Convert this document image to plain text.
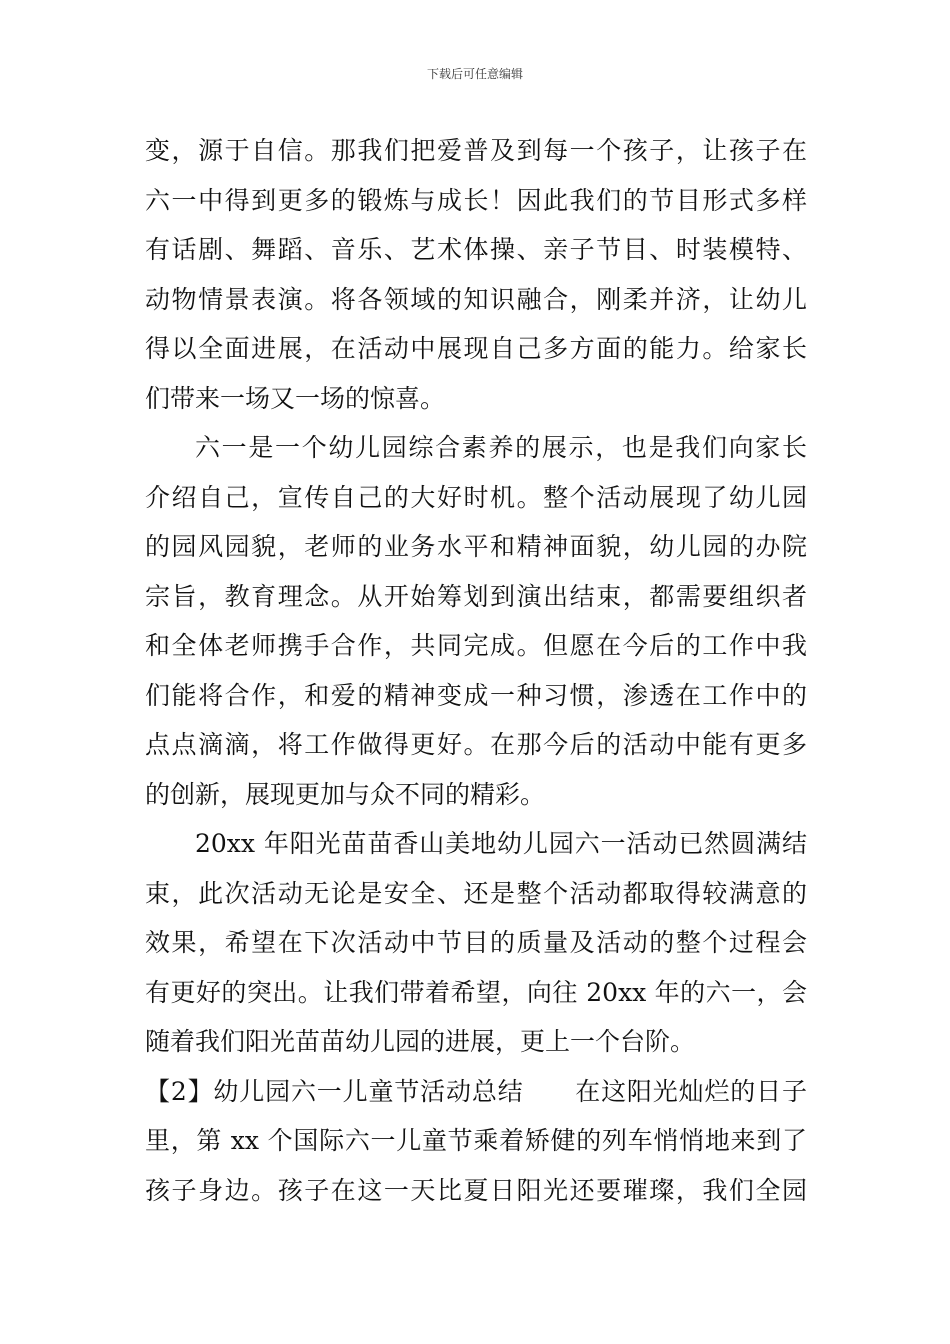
下载后可任意编辑
变，源于自信。那我们把爱普及到每一个孩子，让孩子在
六一中得到更多的锻炼与成长！因此我们的节目形式多样
有话剧、舞蹈、音乐、艺术体操、亲子节目、时装模特、
动物情景表演。将各领域的知识融合，刚柔并济，让幼儿
得以全面进展，在活动中展现自己多方面的能力。给家长
们带来一场又一场的惊喜。
六一是一个幼儿园综合素养的展示，也是我们向家长
介绍自己，宣传自己的大好时机。整个活动展现了幼儿园
的园风园貌，老师的业务水平和精神面貌，幼儿园的办院
宗旨，教育理念。从开始筹划到演出结束，都需要组织者
和全体老师携手合作，共同完成。但愿在今后的工作中我
们能将合作，和爱的精神变成一种习惯，渗透在工作中的
点点滴滴，将工作做得更好。在那今后的活动中能有更多
的创新，展现更加与众不同的精彩。
20xx 年阳光苗苗香山美地幼儿园六一活动已然圆满结
束，此次活动无论是安全、还是整个活动都取得较满意的
效果，希望在下次活动中节目的质量及活动的整个过程会
有更好的突出。让我们带着希望，向往 20xx 年的六一，会
随着我们阳光苗苗幼儿园的进展，更上一个台阶。
【2】幼儿园六一儿童节活动总结　　在这阳光灿烂的日子
里，第 xx 个国际六一儿童节乘着矫健的列车悄悄地来到了
孩子身边。孩子在这一天比夏日阳光还要璀璨，我们全园
